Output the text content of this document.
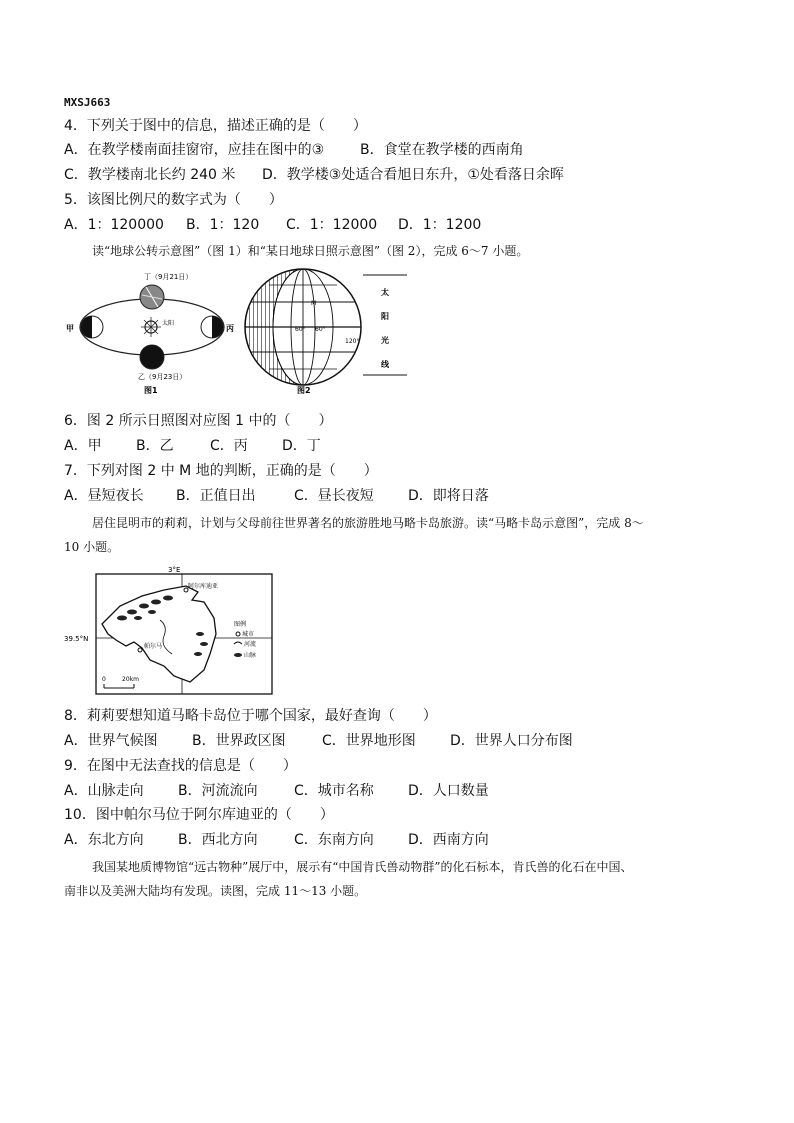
MXSJ663
4．下列关于图中的信息，描述正确的是（　　）
A．在教学楼南面挂窗帘，应挂在图中的③	B．食堂在教学楼的西南角
C．教学楼南北长约 240 米 D．教学楼③处适合看旭日东升，①处看落日余晖
5．该图比例尺的数字式为（　　）
A．1：120000 B．1：120 C．1：12000 D．1：1200
读“地球公转示意图”（图 1）和“某日地球日照示意图”（图 2），完成 6～7 小题。
太阳
丁（9月21日）
乙（9月23日）
甲	丙
图1
M
60° 60°
120°
太
阳
光
线
图2
6．图 2 所示日照图对应图 1 中的（　　）
A．甲 B．乙	C．丙 D．丁
7．下列对图 2 中 M 地的判断，正确的是（　　）
A．昼短夜长 B．正值日出	C．昼长夜短 D．即将日落
居住昆明市的莉莉，计划与父母前往世界著名的旅游胜地马略卡岛旅游。读“马略卡岛示意图”，完成 8～
10 小题。
3°E
39.5°N
帕尔马
阿尔库迪亚
图例
城市
河流
山脉
0	20km
8．莉莉要想知道马略卡岛位于哪个国家，最好查询（　　）
A．世界气候图 B．世界政区图	C．世界地形图 D．世界人口分布图
9．在图中无法查找的信息是（　　）
A．山脉走向 B．河流流向	C．城市名称 D．人口数量
10．图中帕尔马位于阿尔库迪亚的（　　）
A．东北方向 B．西北方向	C．东南方向 D．西南方向
我国某地质博物馆“远古物种”展厅中，展示有“中国肯氏兽动物群”的化石标本，肯氏兽的化石在中国、
南非以及美洲大陆均有发现。读图，完成 11～13 小题。
